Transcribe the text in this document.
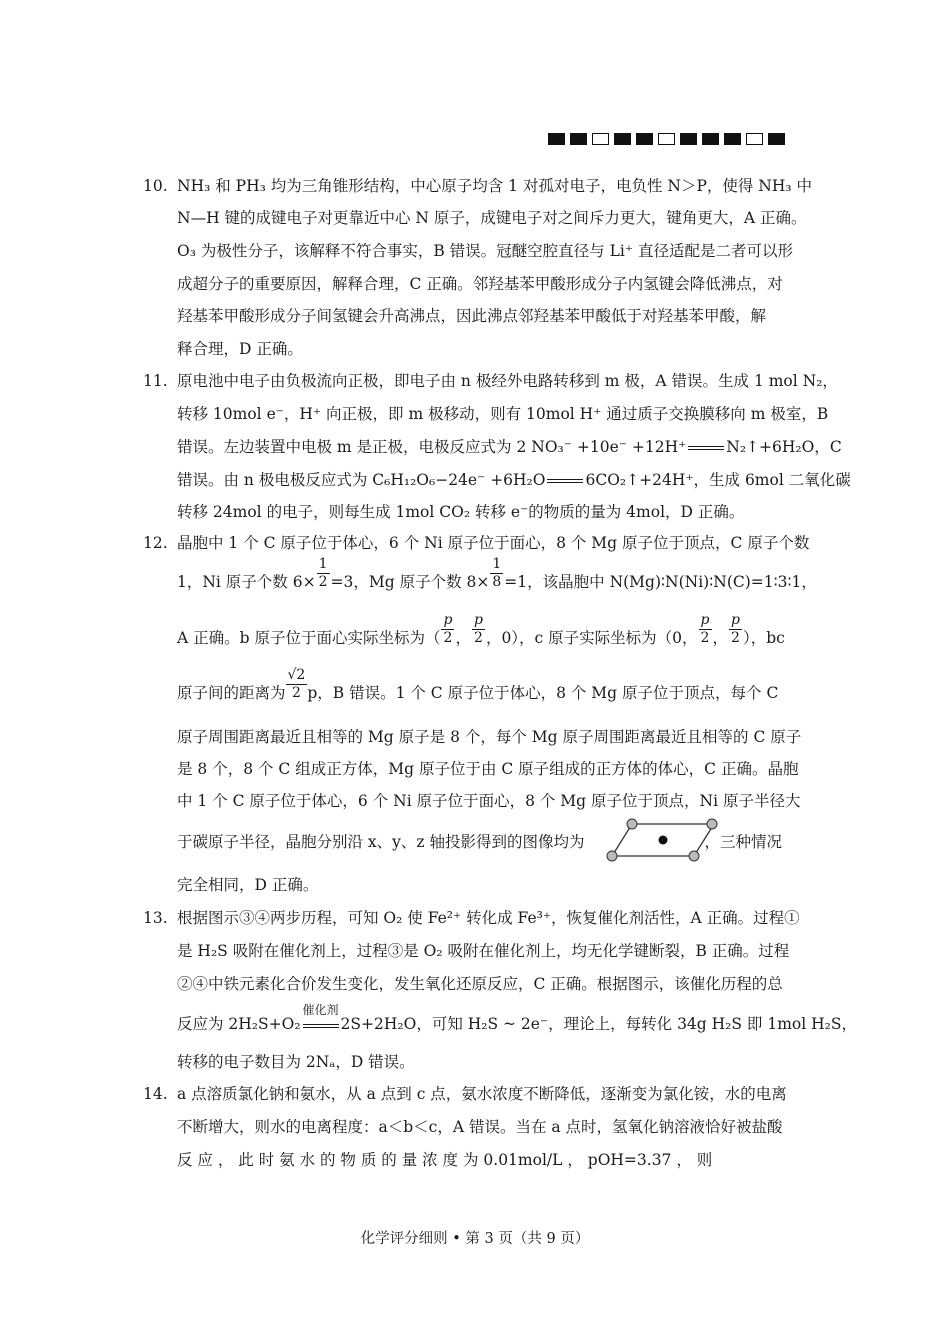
10. NH₃ 和 PH₃ 均为三角锥形结构，中心原子均含 1 对孤对电子，电负性 N＞P，使得 NH₃ 中
N—H 键的成键电子对更靠近中心 N 原子，成键电子对之间斥力更大，键角更大，A 正确。
O₃ 为极性分子，该解释不符合事实，B 错误。冠醚空腔直径与 Li⁺ 直径适配是二者可以形
成超分子的重要原因，解释合理，C 正确。邻羟基苯甲酸形成分子内氢键会降低沸点，对
羟基苯甲酸形成分子间氢键会升高沸点，因此沸点邻羟基苯甲酸低于对羟基苯甲酸，解
释合理，D 正确。
11. 原电池中电子由负极流向正极，即电子由 n 极经外电路转移到 m 极，A 错误。生成 1 mol N₂，
转移 10mol e⁻，H⁺ 向正极，即 m 极移动，则有 10mol H⁺ 通过质子交换膜移向 m 极室，B
错误。左边装置中电极 m 是正极，电极反应式为 2 NO₃⁻ +10e⁻ +12H⁺	N₂↑+6H₂O，C
错误。由 n 极电极反应式为 C₆H₁₂O₆−24e⁻ +6H₂O	6CO₂↑+24H⁺，生成 6mol 二氧化碳
转移 24mol 的电子，则每生成 1mol CO₂ 转移 e⁻的物质的量为 4mol，D 正确。
12. 晶胞中 1 个 C 原子位于体心，6 个 Ni 原子位于面心，8 个 Mg 原子位于顶点，C 原子个数
1，Ni 原子个数 $6\times \frac{1}{2} =3$，Mg 原子个数 $8\times \frac{1}{8} =1$，该晶胞中 N(Mg)∶N(Ni)∶N(C)=1∶3∶1，
A 正确。b 原子位于面心实际坐标为（ $\frac{p}{2}$ ， $\frac{p}{2}$ ，0），c 原子实际坐标为（0， $\frac{p}{2}$ ， $\frac{p}{2}$ ），bc
原子间的距离为 $\frac{√2}{2}p$，B 错误。1 个 C 原子位于体心，8 个 Mg 原子位于顶点，每个 C
原子周围距离最近且相等的 Mg 原子是 8 个，每个 Mg 原子周围距离最近且相等的 C 原子
是 8 个，8 个 C 组成正方体，Mg 原子位于由 C 原子组成的正方体的体心，C 正确。晶胞
中 1 个 C 原子位于体心，6 个 Ni 原子位于面心，8 个 Mg 原子位于顶点，Ni 原子半径大
于碳原子半径，晶胞分别沿 x、y、z 轴投影得到的图像均为	，三种情况
完全相同，D 正确。
13. 根据图示③④两步历程，可知 O₂ 使 Fe²⁺ 转化成 Fe³⁺，恢复催化剂活性，A 正确。过程①
是 H₂S 吸附在催化剂上，过程③是 O₂ 吸附在催化剂上，均无化学键断裂，B 正确。过程
②④中铁元素化合价发生变化，发生氧化还原反应，C 正确。根据图示，该催化历程的总
反应为 2H₂S+O₂
催化剂
2S+2H₂O，可知 H₂S ~ 2e⁻，理论上，每转化 34g H₂S 即 1mol H₂S，
转移的电子数目为 2Nₐ，D 错误。
14. a 点溶质氯化钠和氨水，从 a 点到 c 点，氨水浓度不断降低，逐渐变为氯化铵，水的电离
不断增大，则水的电离程度：a＜b＜c，A 错误。当在 a 点时，氢氧化钠溶液恰好被盐酸
反 应 ， 此 时 氨 水 的 物 质 的 量 浓 度 为 0.01mol/L ， pOH=3.37 ， 则
化学评分细则 • 第 3 页（共 9 页）
